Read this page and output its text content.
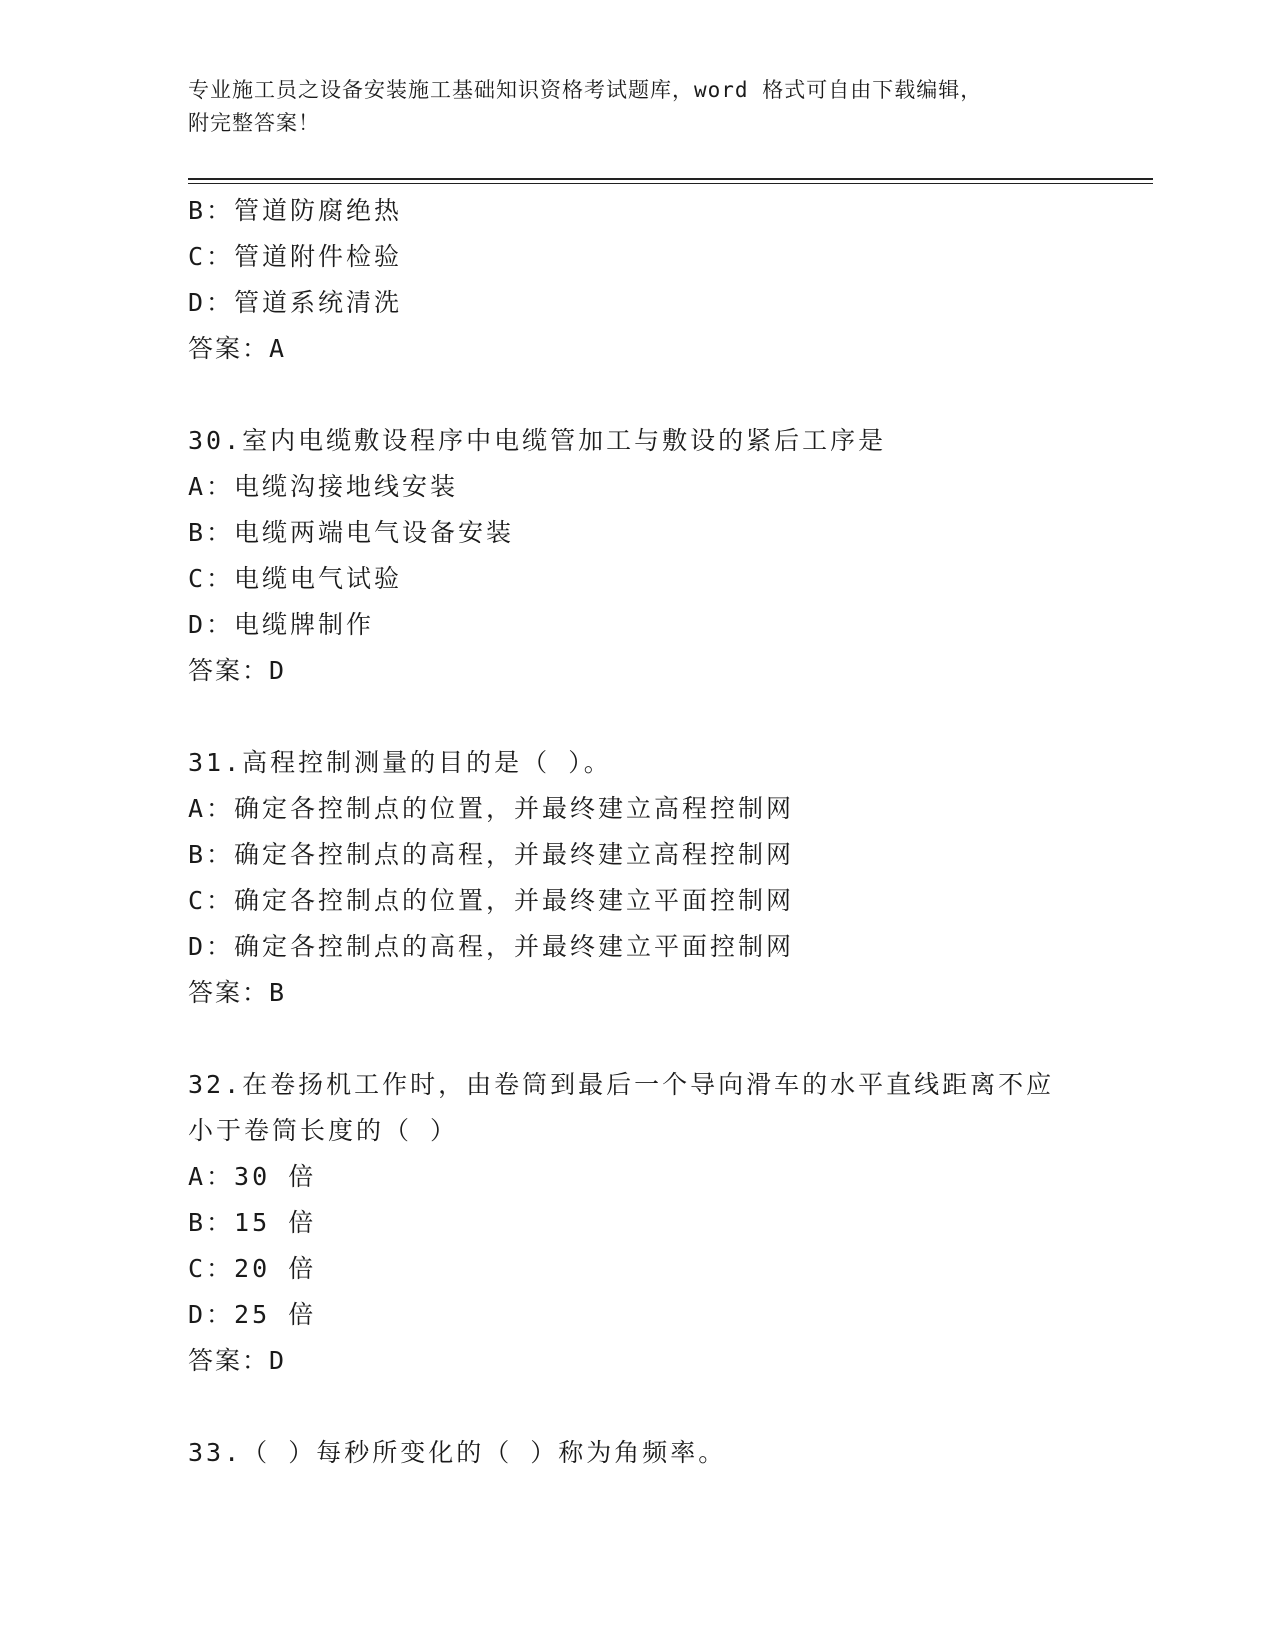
专业施工员之设备安装施工基础知识资格考试题库，word 格式可自由下载编辑，
附完整答案！
B：管道防腐绝热
C：管道附件检验
D：管道系统清洗
答案：A
30.室内电缆敷设程序中电缆管加工与敷设的紧后工序是
A：电缆沟接地线安装
B：电缆两端电气设备安装
C：电缆电气试验
D：电缆牌制作
答案：D
31.高程控制测量的目的是（ ）。
A：确定各控制点的位置，并最终建立高程控制网
B：确定各控制点的高程，并最终建立高程控制网
C：确定各控制点的位置，并最终建立平面控制网
D：确定各控制点的高程，并最终建立平面控制网
答案：B
32.在卷扬机工作时，由卷筒到最后一个导向滑车的水平直线距离不应
小于卷筒长度的（ ）
A：30 倍
B：15 倍
C：20 倍
D：25 倍
答案：D
33.（ ）每秒所变化的（ ）称为角频率。
